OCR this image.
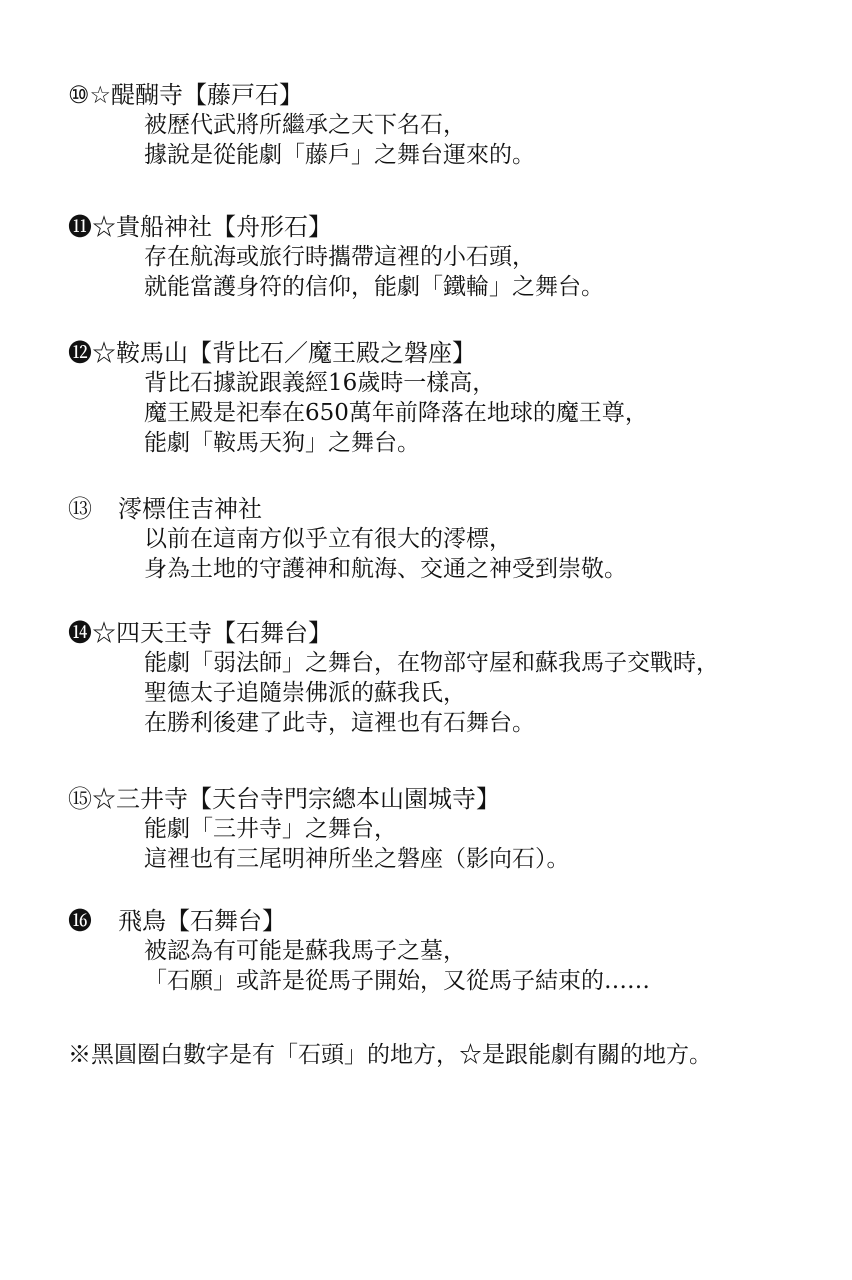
⑩☆醍醐寺【藤戸石】
被歷代武將所繼承之天下名石，
據說是從能劇「藤戶」之舞台運來的。
⓫☆貴船神社【舟形石】
存在航海或旅行時攜帶這裡的小石頭，
就能當護身符的信仰，能劇「鐵輪」之舞台。
⓬☆鞍馬山【背比石／魔王殿之磐座】
背比石據說跟義經16歲時一樣高，
魔王殿是祀奉在650萬年前降落在地球的魔王尊，
能劇「鞍馬天狗」之舞台。
⑬ 澪標住吉神社
以前在這南方似乎立有很大的澪標，
身為土地的守護神和航海、交通之神受到崇敬。
⓮☆四天王寺【石舞台】
能劇「弱法師」之舞台，在物部守屋和蘇我馬子交戰時，
聖德太子追隨崇佛派的蘇我氏，
在勝利後建了此寺，這裡也有石舞台。
⑮☆三井寺【天台寺門宗總本山園城寺】
能劇「三井寺」之舞台，
這裡也有三尾明神所坐之磐座（影向石）。
⓰ 飛鳥【石舞台】
被認為有可能是蘇我馬子之墓，
「石願」或許是從馬子開始，又從馬子結束的……
※黑圓圈白數字是有「石頭」的地方，☆是跟能劇有關的地方。
